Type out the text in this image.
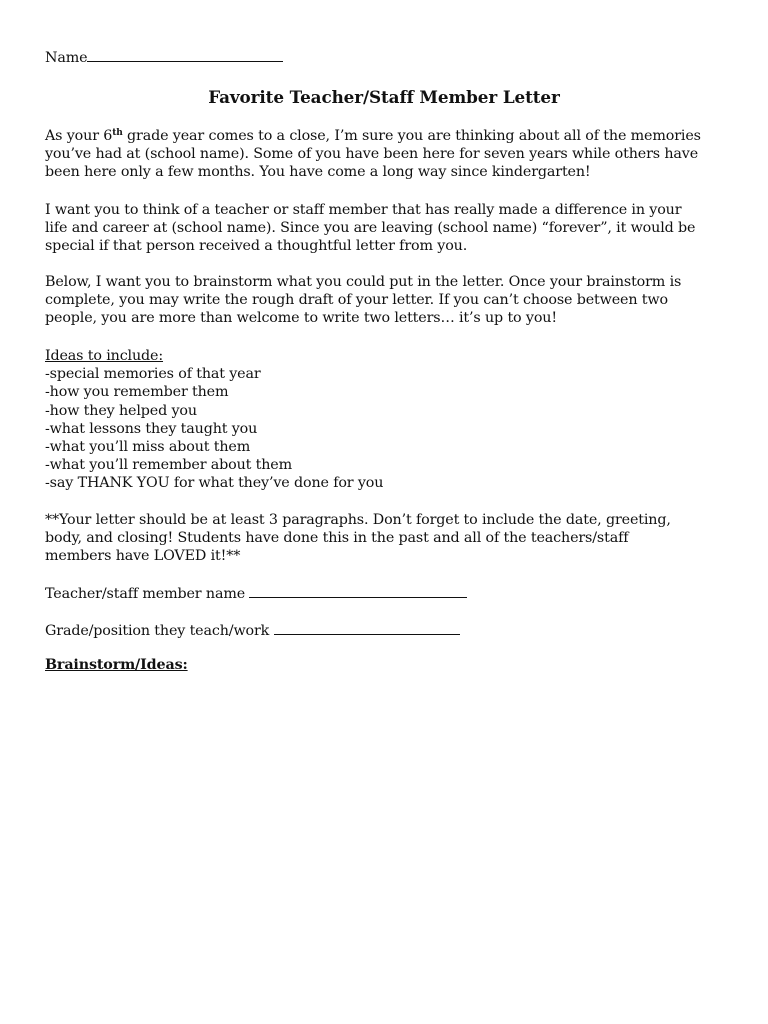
Name
Favorite Teacher/Staff Member Letter
As your 6th grade year comes to a close, I’m sure you are thinking about all of the memories
you’ve had at (school name). Some of you have been here for seven years while others have
been here only a few months. You have come a long way since kindergarten!
I want you to think of a teacher or staff member that has really made a difference in your
life and career at (school name). Since you are leaving (school name) “forever”, it would be
special if that person received a thoughtful letter from you.
Below, I want you to brainstorm what you could put in the letter. Once your brainstorm is
complete, you may write the rough draft of your letter. If you can’t choose between two
people, you are more than welcome to write two letters… it’s up to you!
Ideas to include:
-special memories of that year
-how you remember them
-how they helped you
-what lessons they taught you
-what you’ll miss about them
-what you’ll remember about them
-say THANK YOU for what they’ve done for you
**Your letter should be at least 3 paragraphs. Don’t forget to include the date, greeting,
body, and closing! Students have done this in the past and all of the teachers/staff
members have LOVED it!**
Teacher/staff member name
Grade/position they teach/work
Brainstorm/Ideas:
